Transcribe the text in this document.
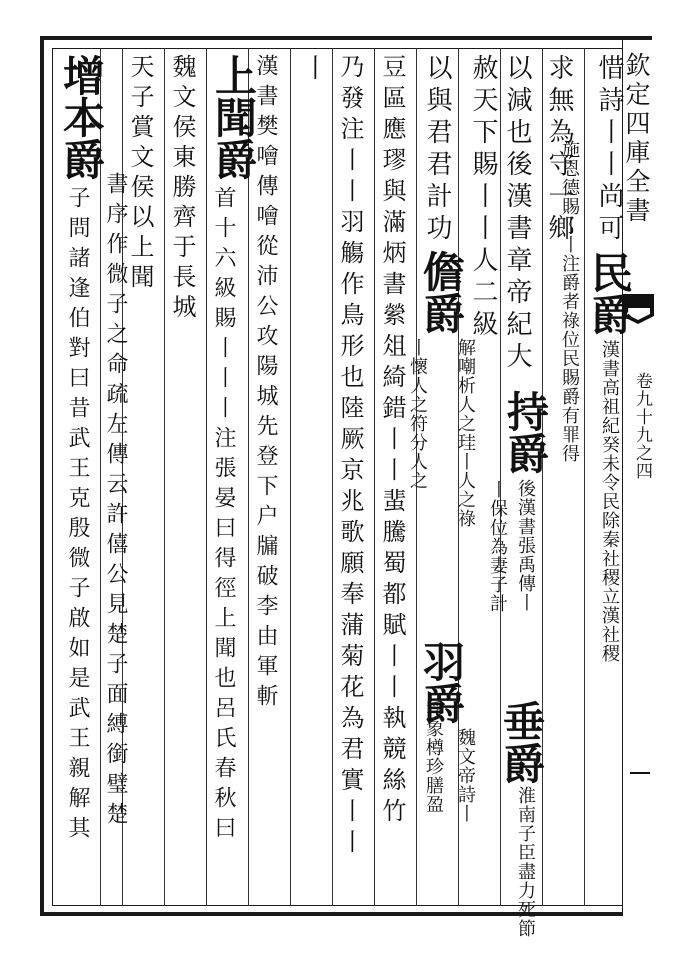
欽定四庫全書
卷九十九之四
惜詩丨丨尚可 民爵 漢書高祖紀癸未令民除秦社稷立漢社稷
施恩德賜丨丨注爵者祿位民賜爵有罪得
求無為守一鄉
以減也後漢書章帝紀大
持爵 後漢書張禹傳丨
赦天下賜丨丨人二級
丨保位為妻子計
垂爵
淮南子臣盡力死節
以與君君計功
儋爵
解嘲析人之珪丨人之祿
羽爵
魏文帝詩丨
丨懷人之符分人之
浮象樽珍膳盈
豆區應璆與滿炳書縈俎綺錯丨丨蜚騰蜀都賦丨丨執競絲竹
乃發注丨丨羽觴作鳥形也陸厥京兆歌願奉蒲菊花為君實丨丨
丨
上聞爵
漢書樊噲傳噲從沛公攻陽城先登下户牖破李由軍斬
首十六級賜丨丨丨注張晏曰得徑上聞也呂氏春秋曰
魏文侯東勝齊于長城
天子賞文侯以上聞
增本爵
書序作微子之命疏左傳云許僖公見楚子面縛銜璧楚
子問諸逢伯對曰昔武王克殷微子啟如是武王親解其
